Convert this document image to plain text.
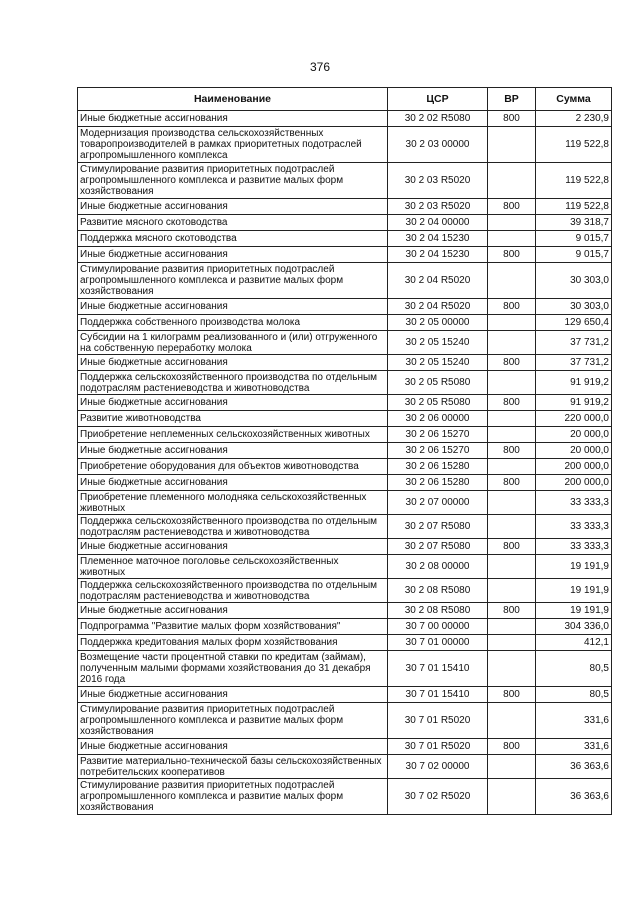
376
Наименование	ЦСР	ВР	Сумма
Иные бюджетные ассигнования	30 2 02 R5080	800	2 230,9
Модернизация производства сельскохозяйственных товаропроизводителей в рамках приоритетных подотраслей агропромышленного комплекса	30 2 03 00000		119 522,8
Стимулирование развития приоритетных подотраслей агропромышленного комплекса и развитие малых форм хозяйствования	30 2 03 R5020		119 522,8
Иные бюджетные ассигнования	30 2 03 R5020	800	119 522,8
Развитие мясного скотоводства	30 2 04 00000		39 318,7
Поддержка мясного скотоводства	30 2 04 15230		9 015,7
Иные бюджетные ассигнования	30 2 04 15230	800	9 015,7
Стимулирование развития приоритетных подотраслей агропромышленного комплекса и развитие малых форм хозяйствования	30 2 04 R5020		30 303,0
Иные бюджетные ассигнования	30 2 04 R5020	800	30 303,0
Поддержка собственного производства молока	30 2 05 00000		129 650,4
Субсидии на 1 килограмм реализованного и (или) отгруженного на собственную переработку молока	30 2 05 15240		37 731,2
Иные бюджетные ассигнования	30 2 05 15240	800	37 731,2
Поддержка сельскохозяйственного производства по отдельным подотраслям растениеводства и животноводства	30 2 05 R5080		91 919,2
Иные бюджетные ассигнования	30 2 05 R5080	800	91 919,2
Развитие животноводства	30 2 06 00000		220 000,0
Приобретение неплеменных сельскохозяйственных животных	30 2 06 15270		20 000,0
Иные бюджетные ассигнования	30 2 06 15270	800	20 000,0
Приобретение оборудования для объектов животноводства	30 2 06 15280		200 000,0
Иные бюджетные ассигнования	30 2 06 15280	800	200 000,0
Приобретение племенного молодняка сельскохозяйственных животных	30 2 07 00000		33 333,3
Поддержка сельскохозяйственного производства по отдельным подотраслям растениеводства и животноводства	30 2 07 R5080		33 333,3
Иные бюджетные ассигнования	30 2 07 R5080	800	33 333,3
Племенное маточное поголовье сельскохозяйственных животных	30 2 08 00000		19 191,9
Поддержка сельскохозяйственного производства по отдельным подотраслям растениеводства и животноводства	30 2 08 R5080		19 191,9
Иные бюджетные ассигнования	30 2 08 R5080	800	19 191,9
Подпрограмма "Развитие малых форм хозяйствования"	30 7 00 00000		304 336,0
Поддержка кредитования малых форм хозяйствования	30 7 01 00000		412,1
Возмещение части процентной ставки по кредитам (займам), полученным малыми формами хозяйствования до 31 декабря 2016 года	30 7 01 15410		80,5
Иные бюджетные ассигнования	30 7 01 15410	800	80,5
Стимулирование развития приоритетных подотраслей агропромышленного комплекса и развитие малых форм хозяйствования	30 7 01 R5020		331,6
Иные бюджетные ассигнования	30 7 01 R5020	800	331,6
Развитие материально-технической базы сельскохозяйственных потребительских кооперативов	30 7 02 00000		36 363,6
Стимулирование развития приоритетных подотраслей агропромышленного комплекса и развитие малых форм хозяйствования	30 7 02 R5020		36 363,6
